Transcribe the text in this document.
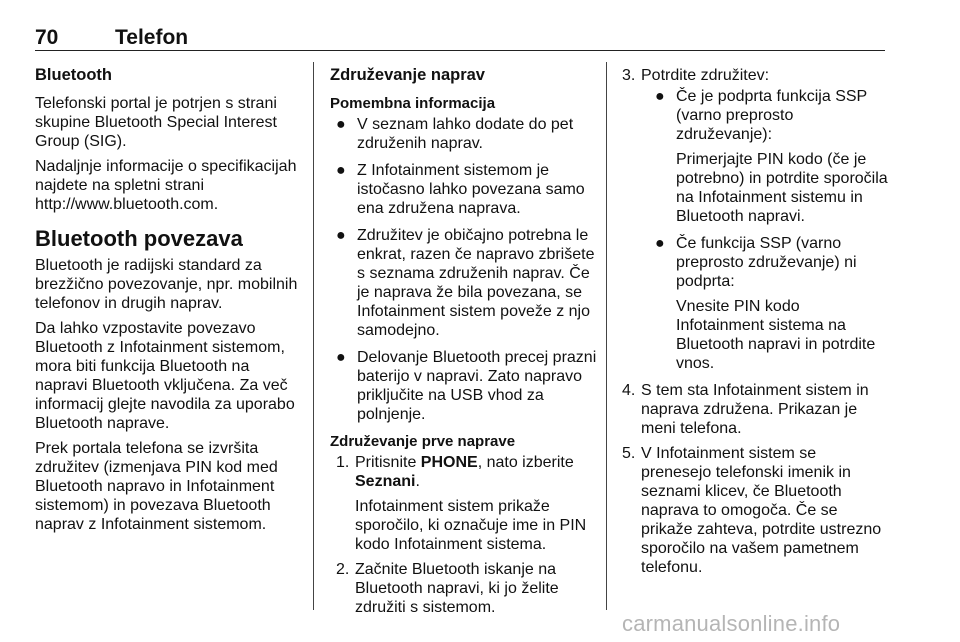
70	Telefon
Bluetooth

Telefonski portal je potrjen s strani skupine Bluetooth Special Interest Group (SIG).

Nadaljnje informacije o specifikacijah najdete na spletni strani http://www.bluetooth.com.

Bluetooth povezava

Bluetooth je radijski standard za brezžično povezovanje, npr. mobilnih telefonov in drugih naprav.

Da lahko vzpostavite povezavo Bluetooth z Infotainment sistemom, mora biti funkcija Bluetooth na napravi Bluetooth vključena. Za več informacij glejte navodila za uporabo Bluetooth naprave.

Prek portala telefona se izvršita združitev (izmenjava PIN kod med Bluetooth napravo in Infotainment sistemom) in povezava Bluetooth naprav z Infotainment sistemom.

Združevanje naprav
Pomembna informacija
● V seznam lahko dodate do pet združenih naprav.
● Z Infotainment sistemom je istočasno lahko povezana samo ena združena naprava.
● Združitev je običajno potrebna le enkrat, razen če napravo zbrišete s seznama združenih naprav. Če je naprava že bila povezana, se Infotainment sistem poveže z njo samodejno.
● Delovanje Bluetooth precej prazni baterijo v napravi. Zato napravo priključite na USB vhod za polnjenje.
Združevanje prve naprave
1. Pritisnite PHONE, nato izberite Seznani.
Infotainment sistem prikaže sporočilo, ki označuje ime in PIN kodo Infotainment sistema.
2. Začnite Bluetooth iskanje na Bluetooth napravi, ki jo želite združiti s sistemom.
3. Potrdite združitev:
● Če je podprta funkcija SSP (varno preprosto združevanje):
Primerjajte PIN kodo (če je potrebno) in potrdite sporočila na Infotainment sistemu in Bluetooth napravi.
● Če funkcija SSP (varno preprosto združevanje) ni podprta:
Vnesite PIN kodo Infotainment sistema na Bluetooth napravi in potrdite vnos.
4. S tem sta Infotainment sistem in naprava združena. Prikazan je meni telefona.
5. V Infotainment sistem se prenesejo telefonski imenik in seznami klicev, če Bluetooth naprava to omogoča. Če se prikaže zahteva, potrdite ustrezno sporočilo na vašem pametnem telefonu.
carmanualsonline.info
